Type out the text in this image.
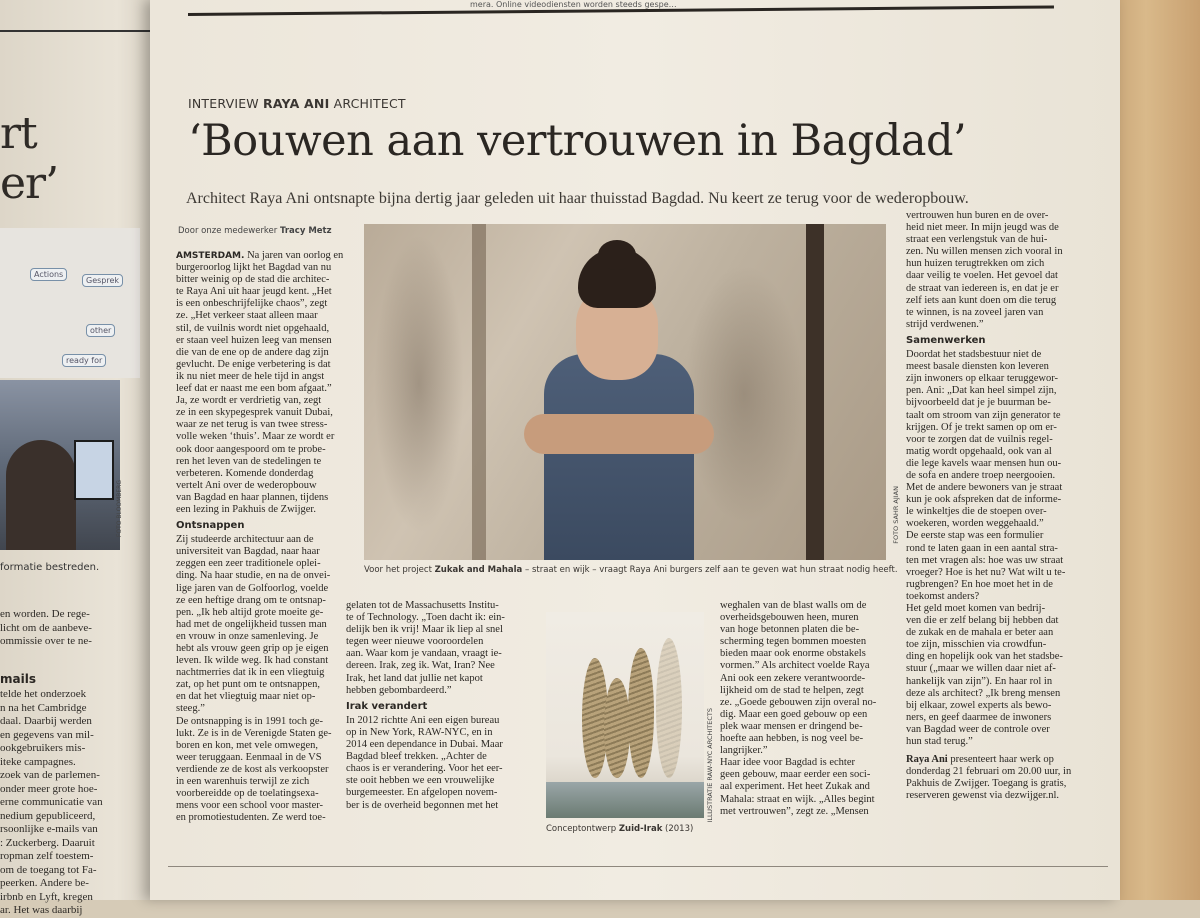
rt
er’
Actions
Gesprek
other
ready for
FOTO BLOOMBERG
formatie bestreden.
en worden. De rege-
licht om de aanbeve-
ommissie over te ne-
mails
telde het onderzoek
n na het Cambridge
daal. Daarbij werden
en gegevens van mil-
ookgebruikers mis-
iteke campagnes.
zoek van de parlemen-
onder meer grote hoe-
erne communicatie van
nedium gepubliceerd,
rsoonlijke e-mails van
: Zuckerberg. Daaruit
ropman zelf toestem-
om de toegang tot Fa-
peerken. Andere be-
irbnb en Lyft, kregen
ar. Het was daarbij
mera. Online videodiensten worden steeds gespe…
INTERVIEW RAYA ANI ARCHITECT
‘Bouwen aan vertrouwen in Bagdad’
Architect Raya Ani ontsnapte bijna dertig jaar geleden uit haar thuisstad Bagdad. Nu keert ze terug voor de wederopbouw.
Door onze medewerker Tracy Metz

AMSTERDAM. Na jaren van oorlog en

burgeroorlog lijkt het Bagdad van nu

bitter weinig op de stad die architec-

te Raya Ani uit haar jeugd kent. „Het

is een onbeschrijfelijke chaos”, zegt

ze. „Het verkeer staat alleen maar

stil, de vuilnis wordt niet opgehaald,

er staan veel huizen leeg van mensen

die van de ene op de andere dag zijn

gevlucht. De enige verbetering is dat

ik nu niet meer de hele tijd in angst

leef dat er naast me een bom afgaat.”

Ja, ze wordt er verdrietig van, zegt

ze in een skypegesprek vanuit Dubai,

waar ze net terug is van twee stress-

volle weken ‘thuis’. Maar ze wordt er

ook door aangespoord om te probe-

ren het leven van de stedelingen te

verbeteren. Komende donderdag

vertelt Ani over de wederopbouw

van Bagdad en haar plannen, tijdens

een lezing in Pakhuis de Zwijger.

Ontsnappen

Zij studeerde architectuur aan de

universiteit van Bagdad, naar haar

zeggen een zeer traditionele oplei-

ding. Na haar studie, en na de onvei-

lige jaren van de Golfoorlog, voelde

ze een heftige drang om te ontsnap-

pen. „Ik heb altijd grote moeite ge-

had met de ongelijkheid tussen man

en vrouw in onze samenleving. Je

hebt als vrouw geen grip op je eigen

leven. Ik wilde weg. Ik had constant

nachtmerries dat ik in een vliegtuig

zat, op het punt om te ontsnappen,

en dat het vliegtuig maar niet op-

steeg.”

De ontsnapping is in 1991 toch ge-

lukt. Ze is in de Verenigde Staten ge-

boren en kon, met vele omwegen,

weer teruggaan. Eenmaal in de VS

verdiende ze de kost als verkoopster

in een warenhuis terwijl ze zich

voorbereidde op de toelatingsexa-

mens voor een school voor master-

en promotiestudenten. Ze werd toe-

FOTO SAHR AJIAN
Voor het project Zukak and Mahala – straat en wijk – vraagt Raya Ani burgers zelf aan te geven wat hun straat nodig heeft.

gelaten tot de Massachusetts Institu-

te of Technology. „Toen dacht ik: ein-

delijk ben ik vrij! Maar ik liep al snel

tegen weer nieuwe vooroordelen

aan. Waar kom je vandaan, vraagt ie-

dereen. Irak, zeg ik. Wat, Iran? Nee

Irak, het land dat jullie net kapot

hebben gebombardeerd.”

Irak verandert

In 2012 richtte Ani een eigen bureau

op in New York, RAW-NYC, en in

2014 een dependance in Dubai. Maar

Bagdad bleef trekken. „Achter de

chaos is er verandering. Voor het eer-

ste ooit hebben we een vrouwelijke

burgemeester. En afgelopen novem-

ber is de overheid begonnen met het	ILLUSTRATIE RAW-NYC ARCHITECTS
Conceptontwerp Zuid-Irak (2013)

weghalen van de blast walls om de

overheidsgebouwen heen, muren

van hoge betonnen platen die be-

scherming tegen bommen moesten

bieden maar ook enorme obstakels

vormen.” Als architect voelde Raya

Ani ook een zekere verantwoorde-

lijkheid om de stad te helpen, zegt

ze. „Goede gebouwen zijn overal no-

dig. Maar een goed gebouw op een

plek waar mensen er dringend be-

hoefte aan hebben, is nog veel be-

langrijker.”

Haar idee voor Bagdad is echter

geen gebouw, maar eerder een soci-

aal experiment. Het heet Zukak and

Mahala: straat en wijk. „Alles begint

met vertrouwen”, zegt ze. „Mensen

vertrouwen hun buren en de over-

heid niet meer. In mijn jeugd was de

straat een verlengstuk van de hui-

zen. Nu willen mensen zich vooral in

hun huizen terugtrekken om zich

daar veilig te voelen. Het gevoel dat

de straat van iedereen is, en dat je er

zelf iets aan kunt doen om die terug

te winnen, is na zoveel jaren van

strijd verdwenen.”

Samenwerken

Doordat het stadsbestuur niet de

meest basale diensten kon leveren

zijn inwoners op elkaar teruggewor-

pen. Ani: „Dat kan heel simpel zijn,

bijvoorbeeld dat je je buurman be-

taalt om stroom van zijn generator te

krijgen. Of je trekt samen op om er-

voor te zorgen dat de vuilnis regel-

matig wordt opgehaald, ook van al

die lege kavels waar mensen hun ou-

de sofa en andere troep neergooien.

Met de andere bewoners van je straat

kun je ook afspreken dat de informe-

le winkeltjes die de stoepen over-

woekeren, worden weggehaald.”

De eerste stap was een formulier

rond te laten gaan in een aantal stra-

ten met vragen als: hoe was uw straat

vroeger? Hoe is het nu? Wat wilt u te-

rugbrengen? En hoe moet het in de

toekomst anders?

Het geld moet komen van bedrij-

ven die er zelf belang bij hebben dat

de zukak en de mahala er beter aan

toe zijn, misschien via crowdfun-

ding en hopelijk ook van het stadsbe-

stuur („maar we willen daar niet af-

hankelijk van zijn”). En haar rol in

deze als architect? „Ik breng mensen

bij elkaar, zowel experts als bewo-

ners, en geef daarmee de inwoners

van Bagdad weer de controle over

hun stad terug.”

Raya Ani presenteert haar werk op

donderdag 21 februari om 20.00 uur, in

Pakhuis de Zwijger. Toegang is gratis,

reserveren gewenst via dezwijger.nl.
